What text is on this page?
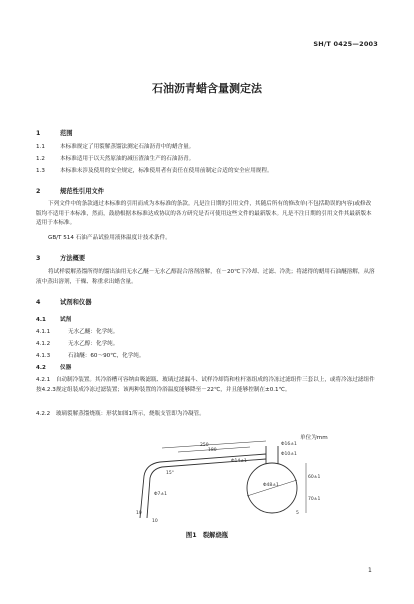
SH/T 0425—2003
石油沥青蜡含量测定法
1	范围
1.1	本标准规定了用裂解蒸馏法测定石油沥青中的蜡含量。
1.2	本标准适用于以天然原油的减压渣油生产的石油沥青。
1.3	本标准未涉及使用的安全规定，标准使用者有责任在使用前制定合适的安全应用规程。
2	规范性引用文件
下列文件中的条款通过本标准的引用而成为本标准的条款。凡是注日期的引用文件，其随后所有的修改单(不包括勘误的内容)或修改版均不适用于本标准，然而，鼓励根据本标准达成协议的各方研究是否可使用这些文件的最新版本。凡是不注日期的引用文件其最新版本适用于本标准。
GB/T 514 石油产品试验用液体温度计技术条件。
3	方法概要
将试样裂解蒸馏所得的馏出油用无水乙醚－无水乙醇混合溶剂溶解，在－20℃下冷却、过滤、冷洗；将滤得的蜡用石油醚溶解，从溶液中蒸出溶剂，干燥、称重求出蜡含量。
4	试剂和仪器
4.1	试剂
4.1.1	无水乙醚：化学纯。
4.1.2	无水乙醇：化学纯。
4.1.3	石油醚：60～90℃，化学纯。
4.2	仪器
4.2.1　自动制冷装置。其冷浴槽可容纳由吸滤瓶、玻璃过滤漏斗、试样冷却筒和柱杆塞组成的冷冻过滤组件三套以上，或将冷冻过滤组件按4.2.3规定组装成冷冻过滤装置；该两种装置的冷浴温度能够降至－22℃，并且能够控制在±0.1℃。
4.2.2　玻璃裂解蒸馏烧瓶：形状如图1所示，烧瓶支管即为冷凝管。
单位为mm
250
180
Φ16±1
Φ10±1
Φ7±1
60±1
70±1
Φ48±1
Φ14±1
10
10
15°
5
图1　裂解烧瓶
1
